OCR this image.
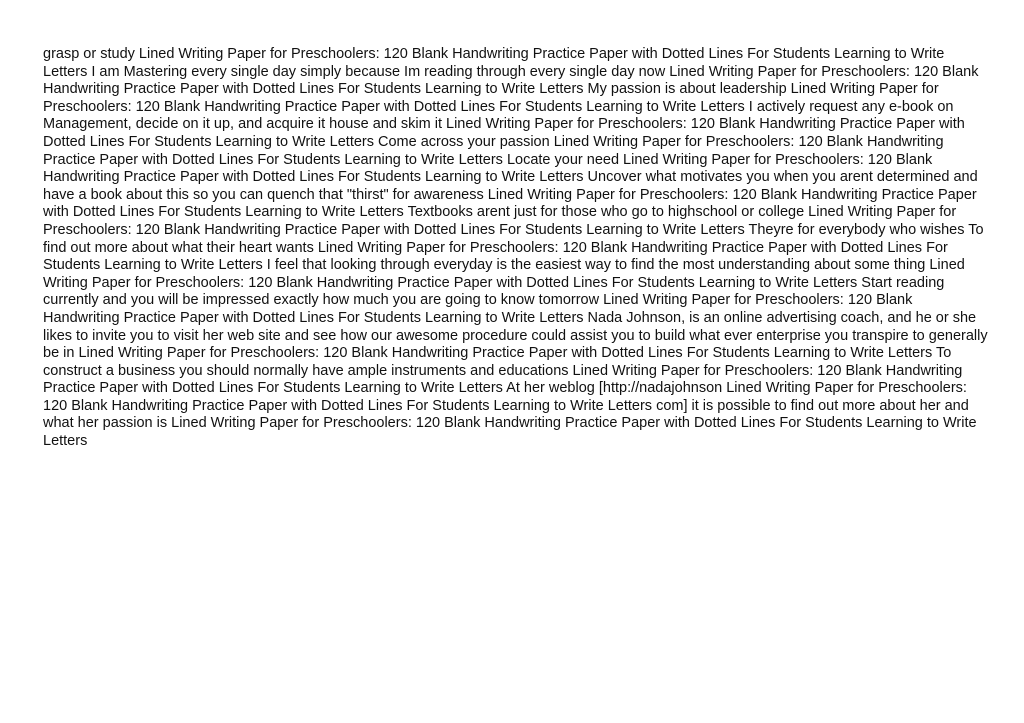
grasp or study Lined Writing Paper for Preschoolers: 120 Blank Handwriting Practice Paper with Dotted Lines For Students Learning to Write Letters I am Mastering every single day simply because Im reading through every single day now Lined Writing Paper for Preschoolers: 120 Blank Handwriting Practice Paper with Dotted Lines For Students Learning to Write Letters My passion is about leadership Lined Writing Paper for Preschoolers: 120 Blank Handwriting Practice Paper with Dotted Lines For Students Learning to Write Letters I actively request any e-book on Management, decide on it up, and acquire it house and skim it Lined Writing Paper for Preschoolers: 120 Blank Handwriting Practice Paper with Dotted Lines For Students Learning to Write Letters Come across your passion Lined Writing Paper for Preschoolers: 120 Blank Handwriting Practice Paper with Dotted Lines For Students Learning to Write Letters Locate your need Lined Writing Paper for Preschoolers: 120 Blank Handwriting Practice Paper with Dotted Lines For Students Learning to Write Letters Uncover what motivates you when you arent determined and have a book about this so you can quench that "thirst" for awareness Lined Writing Paper for Preschoolers: 120 Blank Handwriting Practice Paper with Dotted Lines For Students Learning to Write Letters Textbooks arent just for those who go to highschool or college Lined Writing Paper for Preschoolers: 120 Blank Handwriting Practice Paper with Dotted Lines For Students Learning to Write Letters Theyre for everybody who wishes To find out more about what their heart wants Lined Writing Paper for Preschoolers: 120 Blank Handwriting Practice Paper with Dotted Lines For Students Learning to Write Letters I feel that looking through everyday is the easiest way to find the most understanding about some thing Lined Writing Paper for Preschoolers: 120 Blank Handwriting Practice Paper with Dotted Lines For Students Learning to Write Letters Start reading currently and you will be impressed exactly how much you are going to know tomorrow Lined Writing Paper for Preschoolers: 120 Blank Handwriting Practice Paper with Dotted Lines For Students Learning to Write Letters Nada Johnson, is an online advertising coach, and he or she likes to invite you to visit her web site and see how our awesome procedure could assist you to build what ever enterprise you transpire to generally be in Lined Writing Paper for Preschoolers: 120 Blank Handwriting Practice Paper with Dotted Lines For Students Learning to Write Letters To construct a business you should normally have ample instruments and educations Lined Writing Paper for Preschoolers: 120 Blank Handwriting Practice Paper with Dotted Lines For Students Learning to Write Letters At her weblog [http://nadajohnson Lined Writing Paper for Preschoolers: 120 Blank Handwriting Practice Paper with Dotted Lines For Students Learning to Write Letters com] it is possible to find out more about her and what her passion is Lined Writing Paper for Preschoolers: 120 Blank Handwriting Practice Paper with Dotted Lines For Students Learning to Write Letters
